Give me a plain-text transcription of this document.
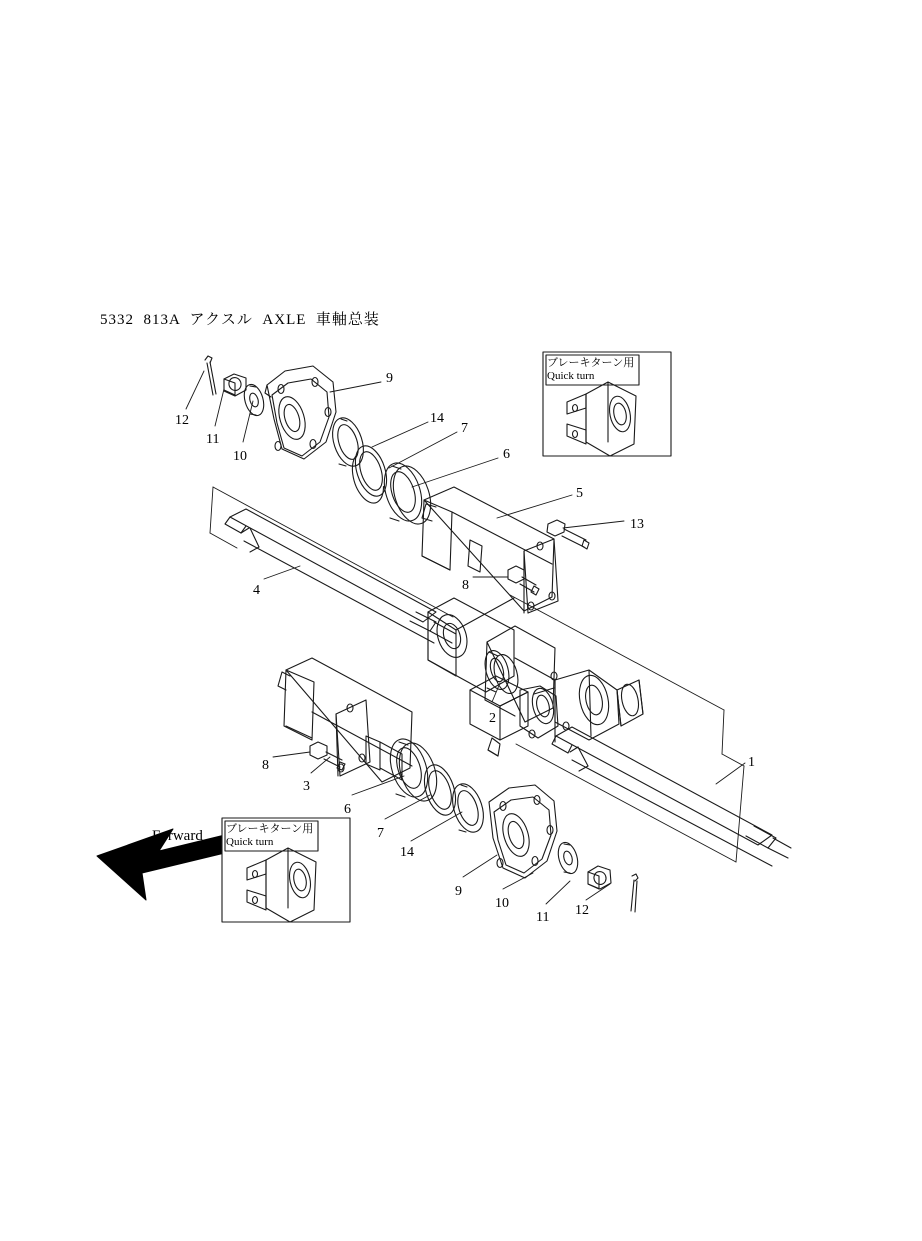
5332  813A  アクスル  AXLE  車軸总装
ブレーキターン用
Quick turn
ブレーキターン用
Quick turn
Forward
9
12
11
10
14
7
6
5
13
8
4
2
1
8
3
6
7
14
9
10
11 12
